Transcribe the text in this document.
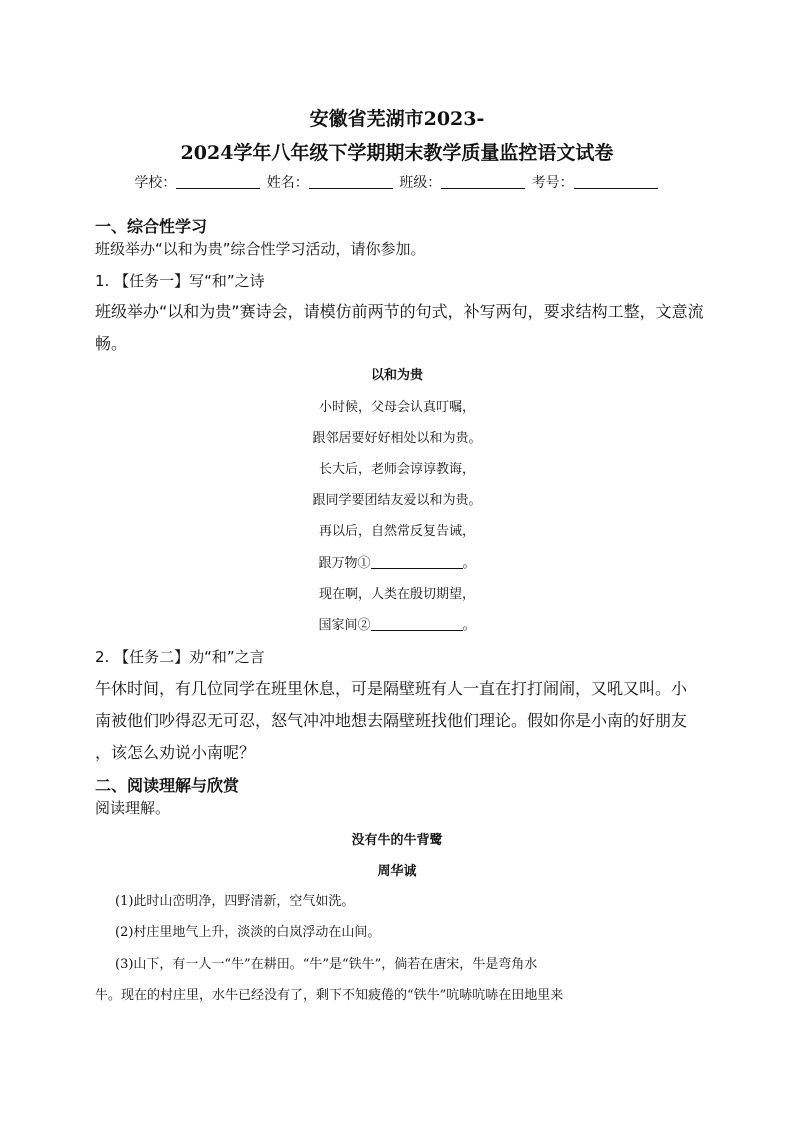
安徽省芜湖市2023-
2024学年八年级下学期期末教学质量监控语文试卷
学校：	姓名：	班级：	考号：
一、综合性学习
班级举办“以和为贵”综合性学习活动，请你参加。
1. 【任务一】写“和”之诗
班级举办“以和为贵”赛诗会，请模仿前两节的句式，补写两句，要求结构工整，文意流畅。
以和为贵
小时候，父母会认真叮嘱，
跟邻居要好好相处以和为贵。
长大后，老师会谆谆教诲，
跟同学要团结友爱以和为贵。
再以后，自然常反复告诫，
跟万物①	。
现在啊，人类在殷切期望，
国家间②	。
2. 【任务二】劝“和”之言
午休时间，有几位同学在班里休息，可是隔壁班有人一直在打打闹闹，又吼又叫。小
南被他们吵得忍无可忍，怒气冲冲地想去隔壁班找他们理论。假如你是小南的好朋友
，该怎么劝说小南呢？
二、阅读理解与欣赏
阅读理解。
没有牛的牛背鹭
周华诚
(1)此时山峦明净，四野清新，空气如洗。
(2)村庄里地气上升，淡淡的白岚浮动在山间。
(3)山下，有一人一“牛”在耕田。“牛”是“铁牛”，倘若在唐宋，牛是弯角水
牛。现在的村庄里，水牛已经没有了，剩下不知疲倦的“铁牛”吭哧吭哧在田地里来
